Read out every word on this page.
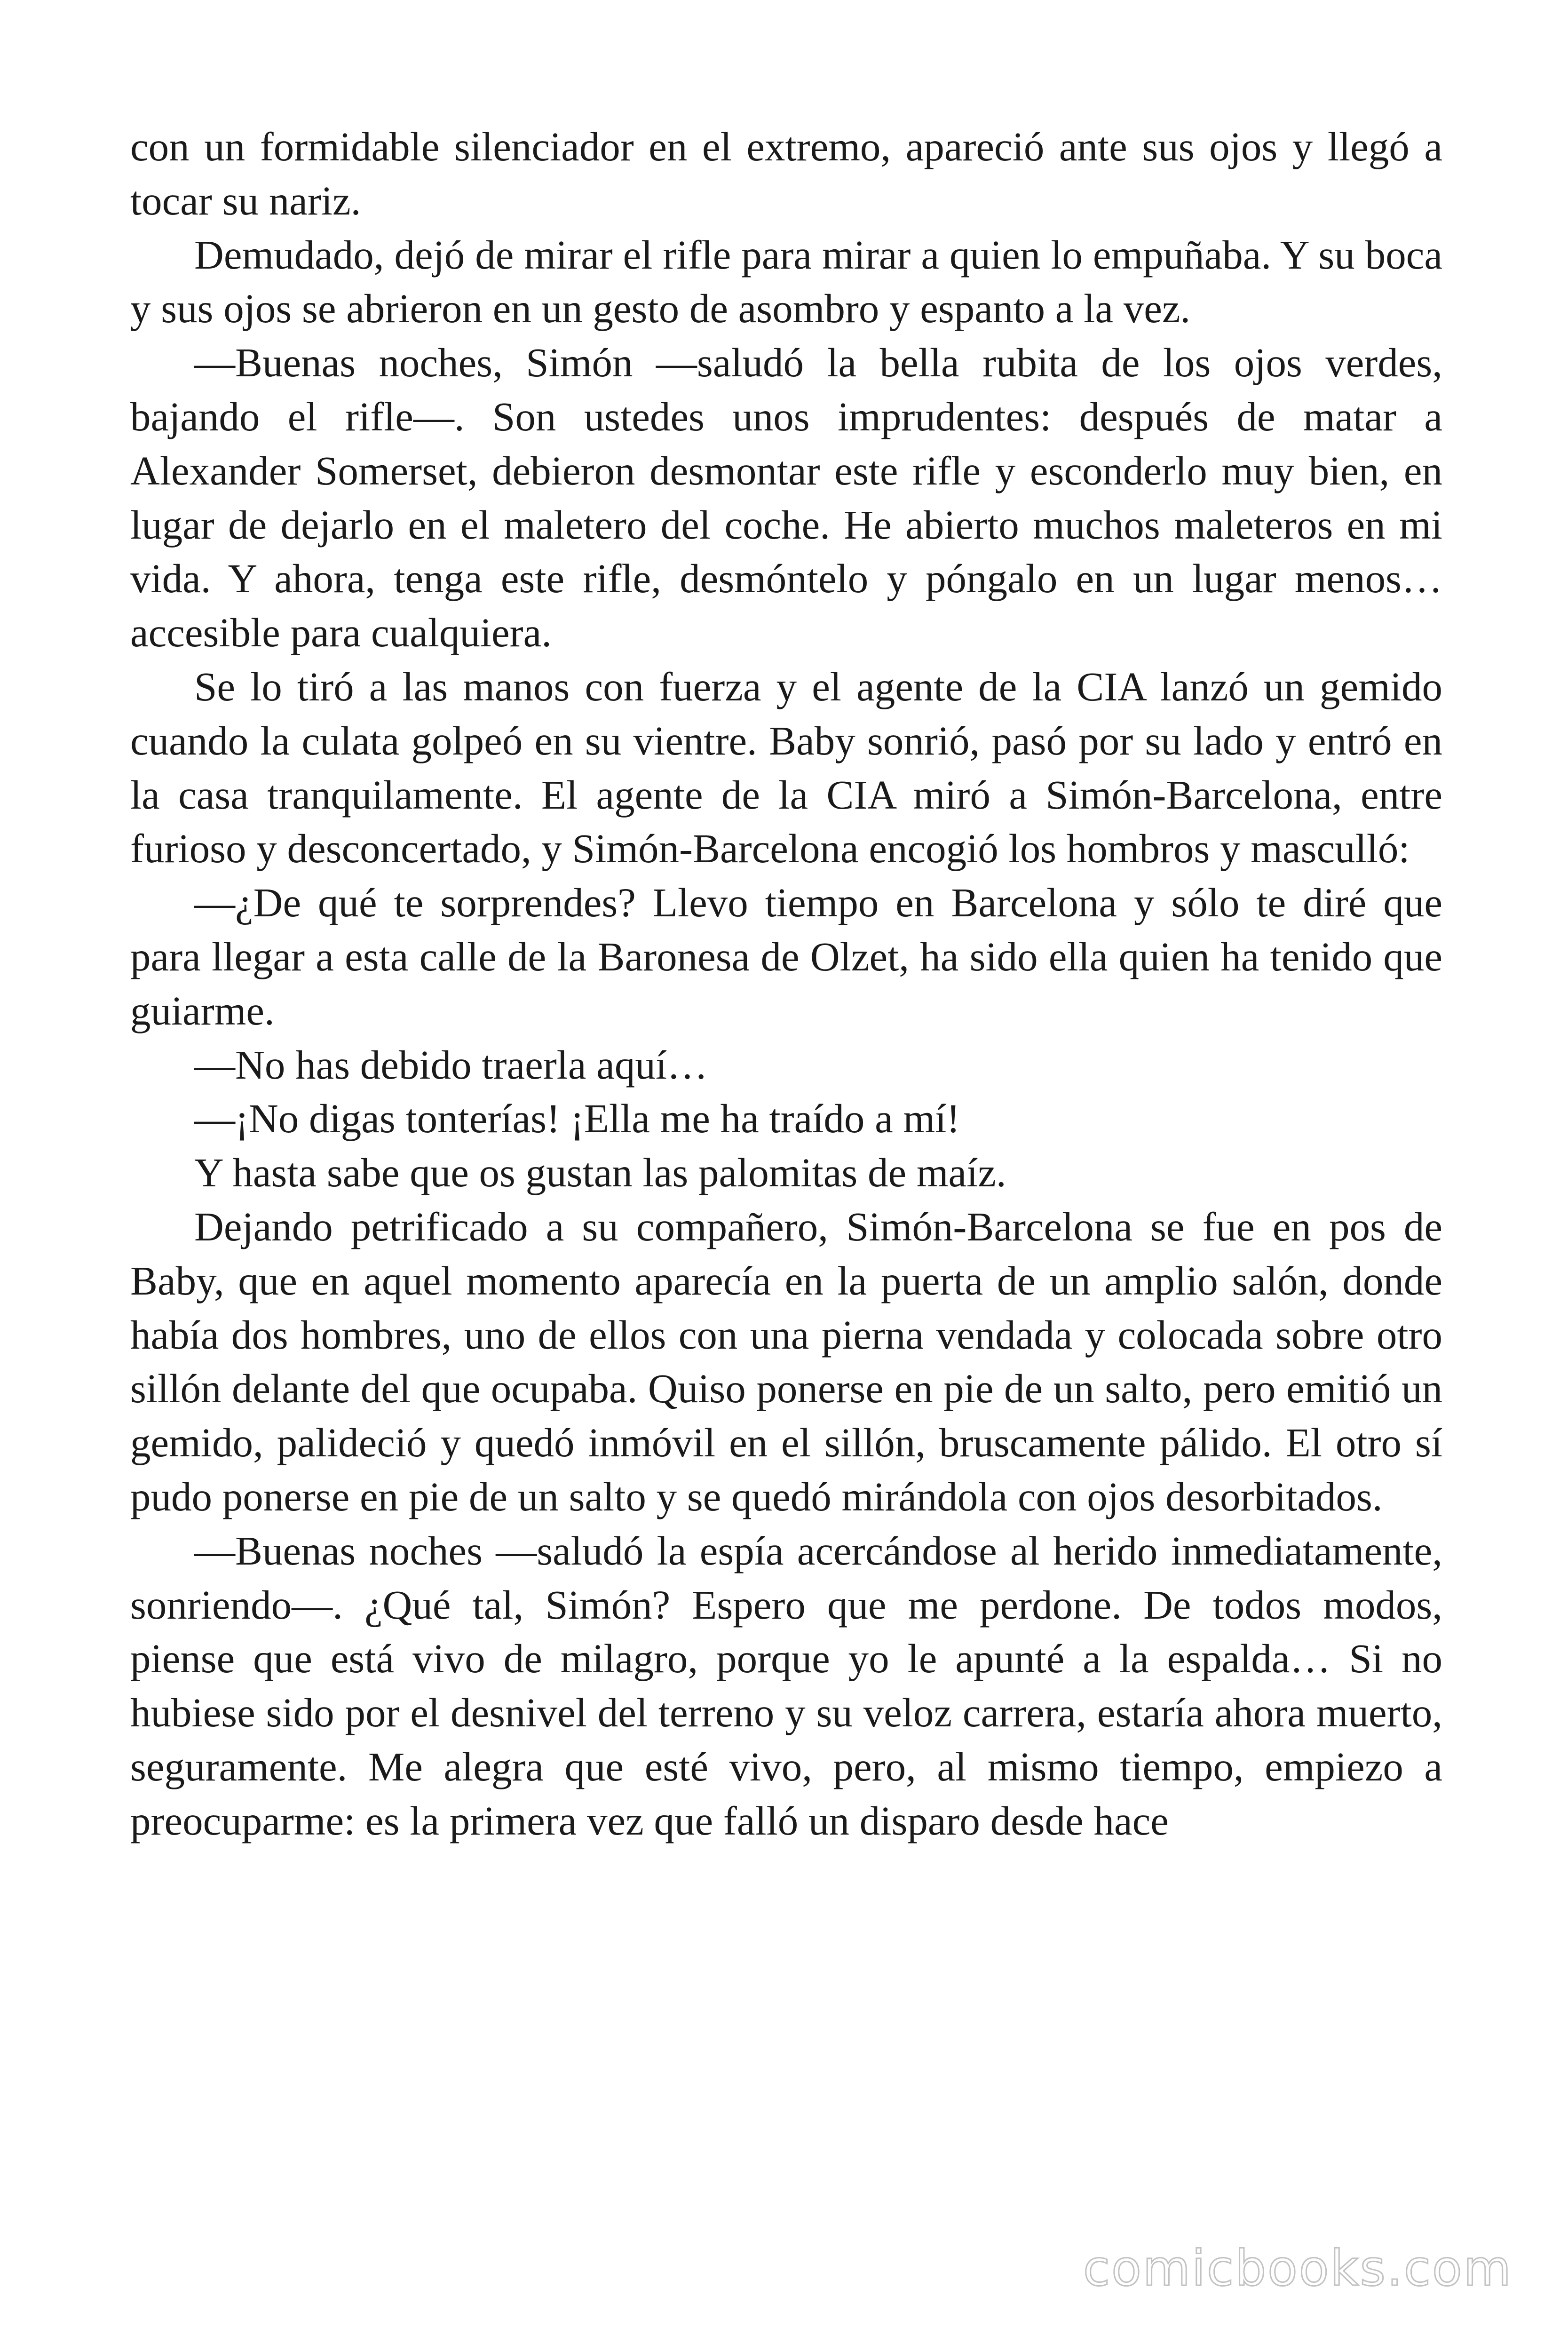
con un formidable silenciador en el extremo, apareció ante sus ojos y llegó a tocar su nariz.

Demudado, dejó de mirar el rifle para mirar a quien lo empuñaba. Y su boca y sus ojos se abrieron en un gesto de asombro y espanto a la vez.

—Buenas noches, Simón —saludó la bella rubita de los ojos verdes, bajando el rifle—. Son ustedes unos imprudentes: después de matar a Alexander Somerset, debieron desmontar este rifle y esconderlo muy bien, en lugar de dejarlo en el maletero del coche. He abierto muchos maleteros en mi vida. Y ahora, tenga este rifle, desmóntelo y póngalo en un lugar menos… accesible para cualquiera.

Se lo tiró a las manos con fuerza y el agente de la CIA lanzó un gemido cuando la culata golpeó en su vientre. Baby sonrió, pasó por su lado y entró en la casa tranquilamente. El agente de la CIA miró a Simón-Barcelona, entre furioso y desconcertado, y Simón-Barcelona encogió los hombros y masculló:

—¿De qué te sorprendes? Llevo tiempo en Barcelona y sólo te diré que para llegar a esta calle de la Baronesa de Olzet, ha sido ella quien ha tenido que guiarme.

—No has debido traerla aquí…

—¡No digas tonterías! ¡Ella me ha traído a mí!

Y hasta sabe que os gustan las palomitas de maíz.

Dejando petrificado a su compañero, Simón-Barcelona se fue en pos de Baby, que en aquel momento aparecía en la puerta de un amplio salón, donde había dos hombres, uno de ellos con una pierna vendada y colocada sobre otro sillón delante del que ocupaba. Quiso ponerse en pie de un salto, pero emitió un gemido, palideció y quedó inmóvil en el sillón, bruscamente pálido. El otro sí pudo ponerse en pie de un salto y se quedó mirándola con ojos desorbitados.

—Buenas noches —saludó la espía acercándose al herido inmediatamente, sonriendo—. ¿Qué tal, Simón? Espero que me perdone. De todos modos, piense que está vivo de milagro, porque yo le apunté a la espalda… Si no hubiese sido por el desnivel del terreno y su veloz carrera, estaría ahora muerto, seguramente. Me alegra que esté vivo, pero, al mismo tiempo, empiezo a preocuparme: es la primera vez que falló un disparo desde hace

comicbooks.com
